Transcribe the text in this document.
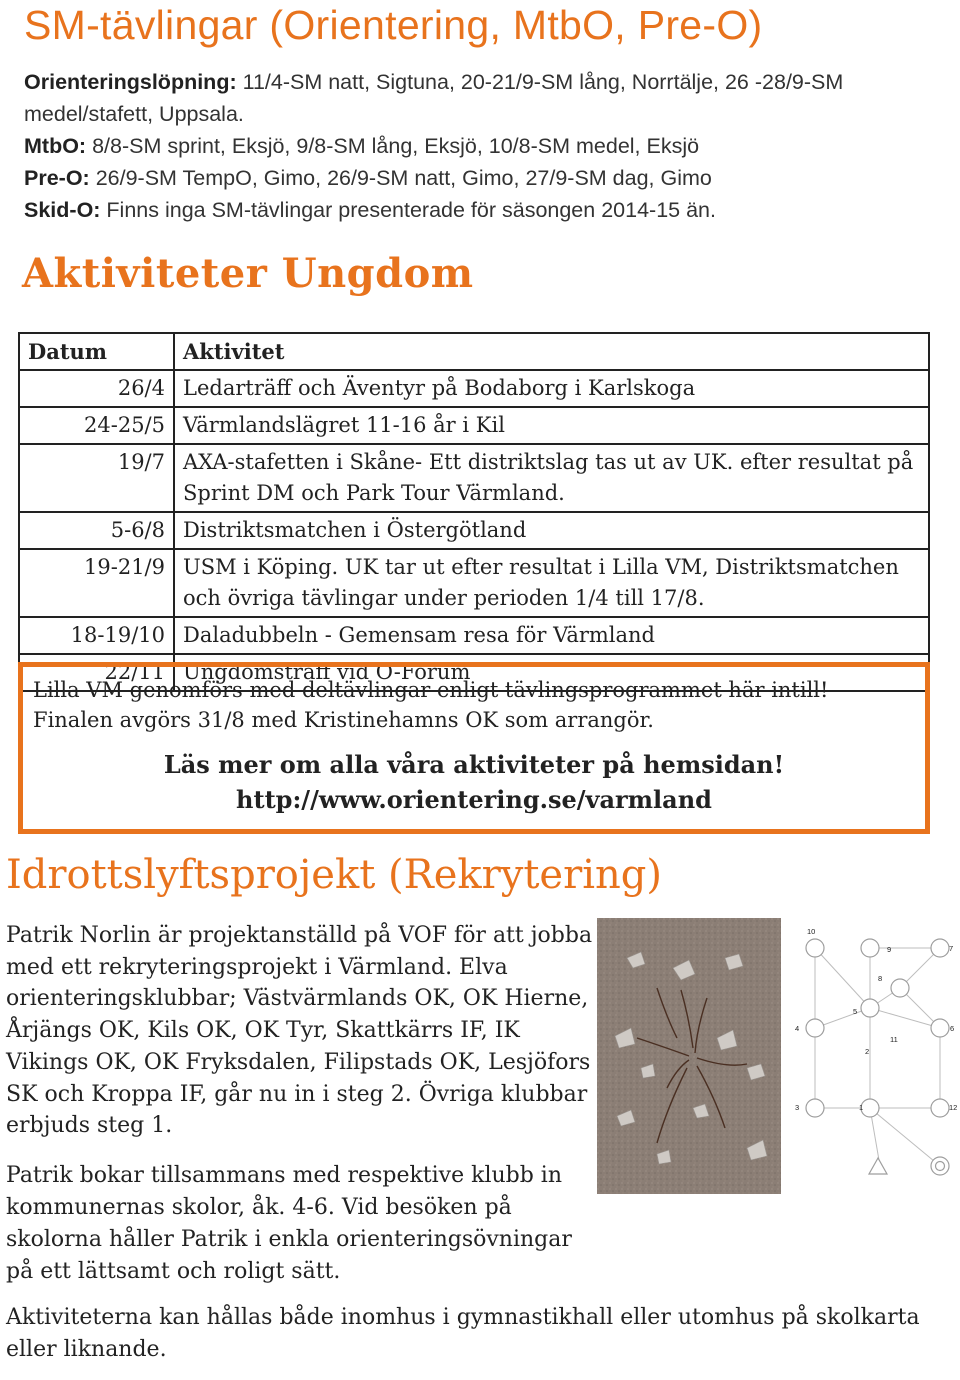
SM-tävlingar (Orientering, MtbO, Pre-O)

Orienteringslöpning: 11/4-SM natt, Sigtuna, 20-21/9-SM lång, Norrtälje, 26 -28/9-SM medel/stafett, Uppsala.

MtbO: 8/8-SM sprint, Eksjö, 9/8-SM lång, Eksjö, 10/8-SM medel, Eksjö

Pre-O: 26/9-SM TempO, Gimo, 26/9-SM natt, Gimo, 27/9-SM dag, Gimo

Skid-O: Finns inga SM-tävlingar presenterade för säsongen 2014-15 än.

Aktiviteter Ungdom
Datum	Aktivitet
26/4	Ledarträff och Äventyr på Bodaborg i Karlskoga
24-25/5	Värmlandslägret 11-16 år i Kil
19/7	AXA-stafetten i Skåne- Ett distriktslag tas ut av UK. efter resultat på Sprint DM och Park Tour Värmland.
5-6/8	Distriktsmatchen i Östergötland
19-21/9	USM i Köping. UK tar ut efter resultat i Lilla VM, Distriktsmatchen och övriga tävlingar under perioden 1/4 till 17/8.
18-19/10	Daladubbeln - Gemensam resa för Värmland
22/11	Ungdomsträff vid O-Forum

Lilla VM genomförs med deltävlingar enligt tävlingsprogrammet här intill!

Finalen avgörs 31/8 med Kristinehamns OK som arrangör.

Läs mer om alla våra aktiviteter på hemsidan!

http://www.orientering.se/varmland

Idrottslyftsprojekt (Rekrytering)

Patrik Norlin är projektanställd på VOF för att jobba med ett rekryteringsprojekt i Värmland. Elva orienteringsklubbar; Västvärmlands OK, OK Hierne, Årjängs OK, Kils OK, OK Tyr, Skattkärrs IF, IK Vikings OK, OK Fryksdalen, Filipstads OK, Lesjöfors SK och Kroppa IF, går nu in i steg 2. Övriga klubbar erbjuds steg 1.

Patrik bokar tillsammans med respektive klubb in kommunernas skolor, åk. 4-6. Vid besöken på skolorna håller Patrik i enkla orienteringsövningar på ett lättsamt och roligt sätt.

Aktiviteterna kan hållas både inomhus i gymnastikhall eller utomhus på skolkarta eller liknande.

10
9	7
8
5
4
11
6
2
3	1	12
